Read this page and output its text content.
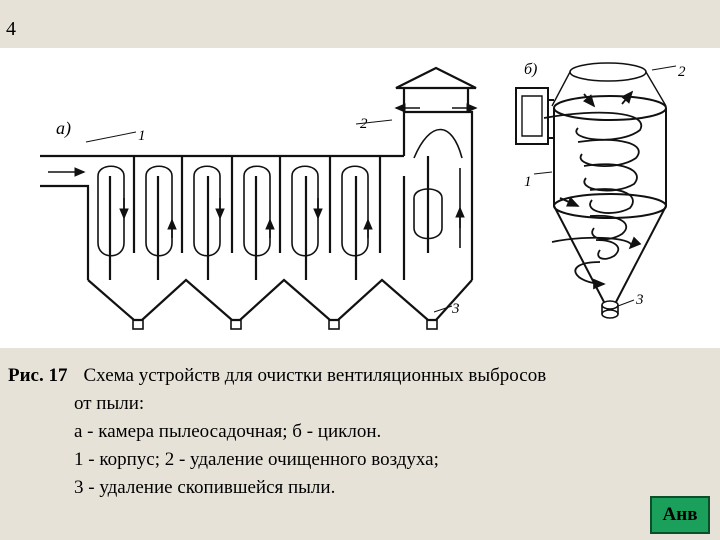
4
а)	1
2
3
б)
1
2
3
Рис. 17 Схема устройств для очистки вентиляционных выбросов
от пыли:
а - камера пылеосадочная; б - циклон.
1 - корпус; 2 - удаление очищенного воздуха;
3 - удаление скопившейся пыли.
Анв
